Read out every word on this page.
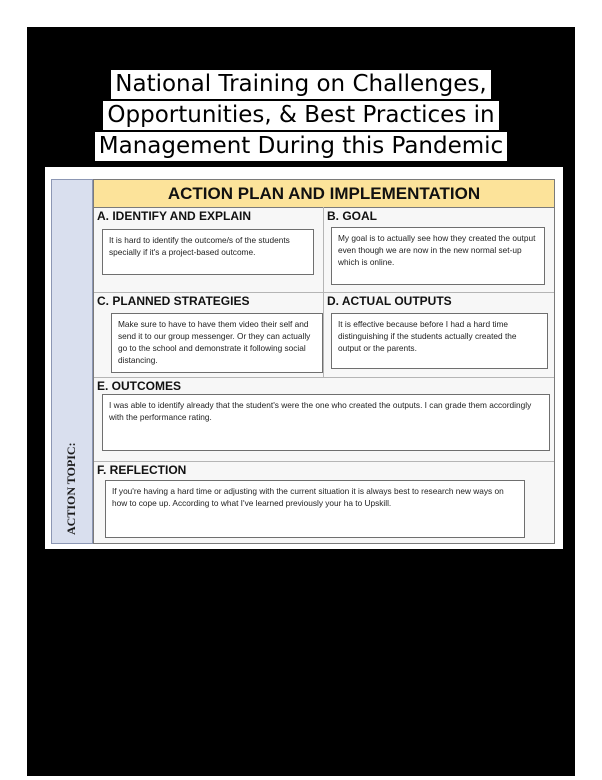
National Training on Challenges,
Opportunities, & Best Practices in
Management During this Pandemic
ACTION TOPIC:
ACTION PLAN AND IMPLEMENTATION
A. IDENTIFY AND EXPLAIN
It is hard to identify the outcome/s of the students specially if it's a project-based outcome.
B. GOAL
My goal is to actually see how they created the output even though we are now in the new normal set-up which is online.
C. PLANNED STRATEGIES
Make sure to have to have them video their self and send it to our group messenger. Or they can actually go to the school and demonstrate it following social distancing.
D. ACTUAL OUTPUTS
It is effective because before I had a hard time distinguishing if the students actually created the output or the parents.
E. OUTCOMES
I was able to identify already that the student's were the one who created the outputs. I can grade them accordingly with the performance rating.
F. REFLECTION
If you're having a hard time or adjusting with the current situation it is always best to research new ways on how to cope up. According to what I've learned previously your ha to Upskill.
